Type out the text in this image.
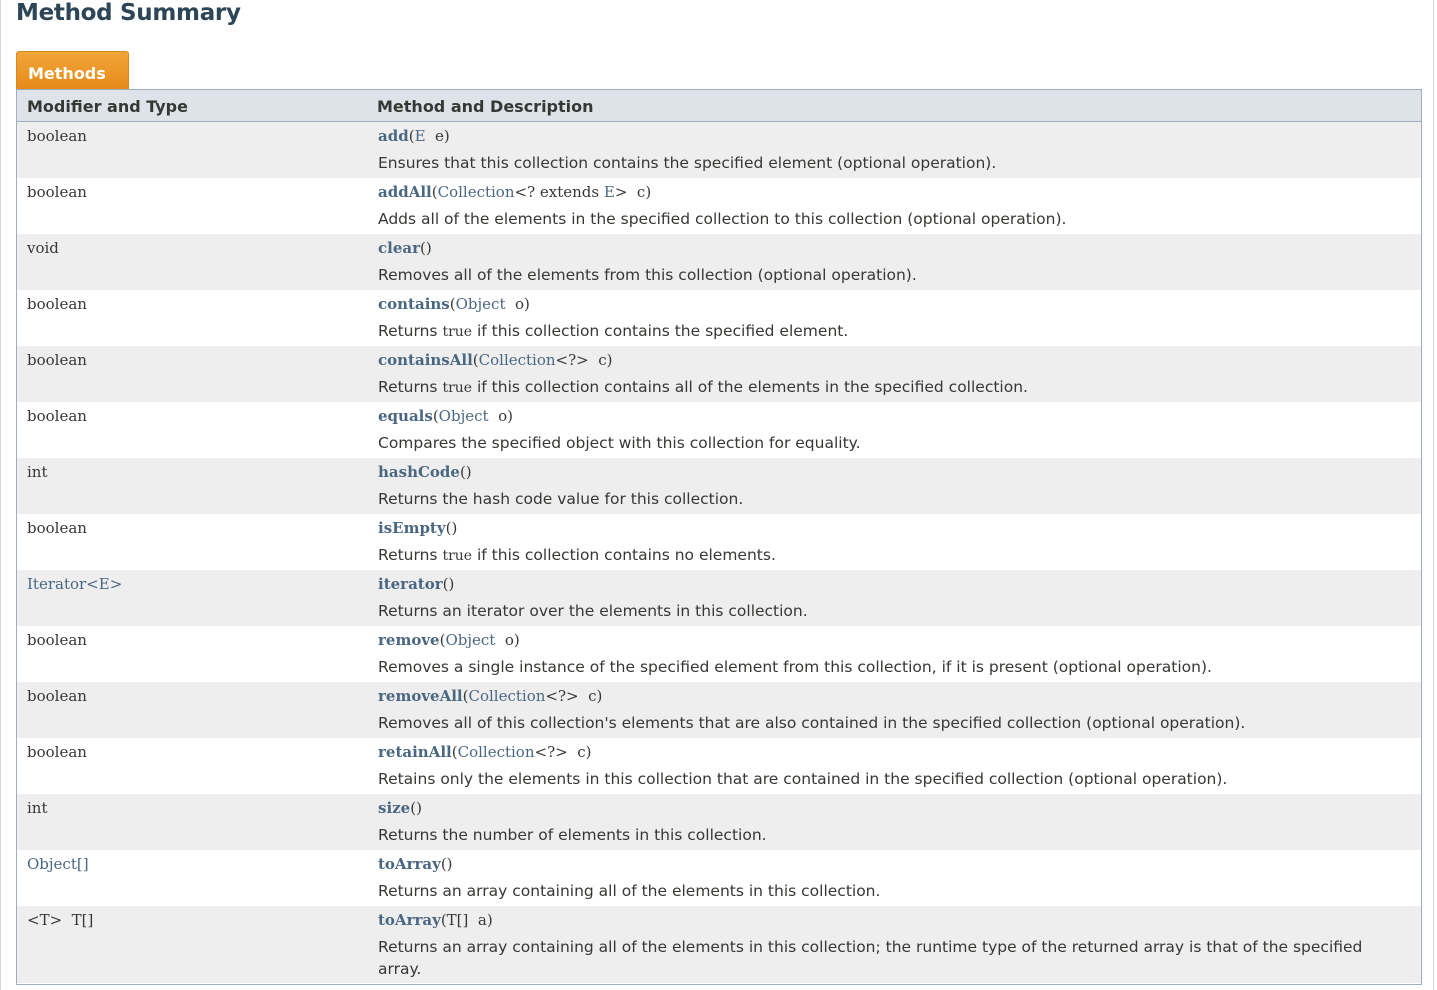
Method Summary
Methods
Modifier and Type	Method and Description
boolean	add(E  e)
Ensures that this collection contains the specified element (optional operation).
boolean	addAll(Collection<? extends E>  c)
Adds all of the elements in the specified collection to this collection (optional operation).
void	clear()
Removes all of the elements from this collection (optional operation).
boolean	contains(Object  o)
Returns true if this collection contains the specified element.
boolean	containsAll(Collection<?>  c)
Returns true if this collection contains all of the elements in the specified collection.
boolean	equals(Object  o)
Compares the specified object with this collection for equality.
int	hashCode()
Returns the hash code value for this collection.
boolean	isEmpty()
Returns true if this collection contains no elements.
Iterator<E>	iterator()
Returns an iterator over the elements in this collection.
boolean	remove(Object  o)
Removes a single instance of the specified element from this collection, if it is present (optional operation).
boolean	removeAll(Collection<?>  c)
Removes all of this collection's elements that are also contained in the specified collection (optional operation).
boolean	retainAll(Collection<?>  c)
Retains only the elements in this collection that are contained in the specified collection (optional operation).
int	size()
Returns the number of elements in this collection.
Object[]	toArray()
Returns an array containing all of the elements in this collection.
<T>  T[]	toArray(T[]  a)
Returns an array containing all of the elements in this collection; the runtime type of the returned array is that of the specified array.
